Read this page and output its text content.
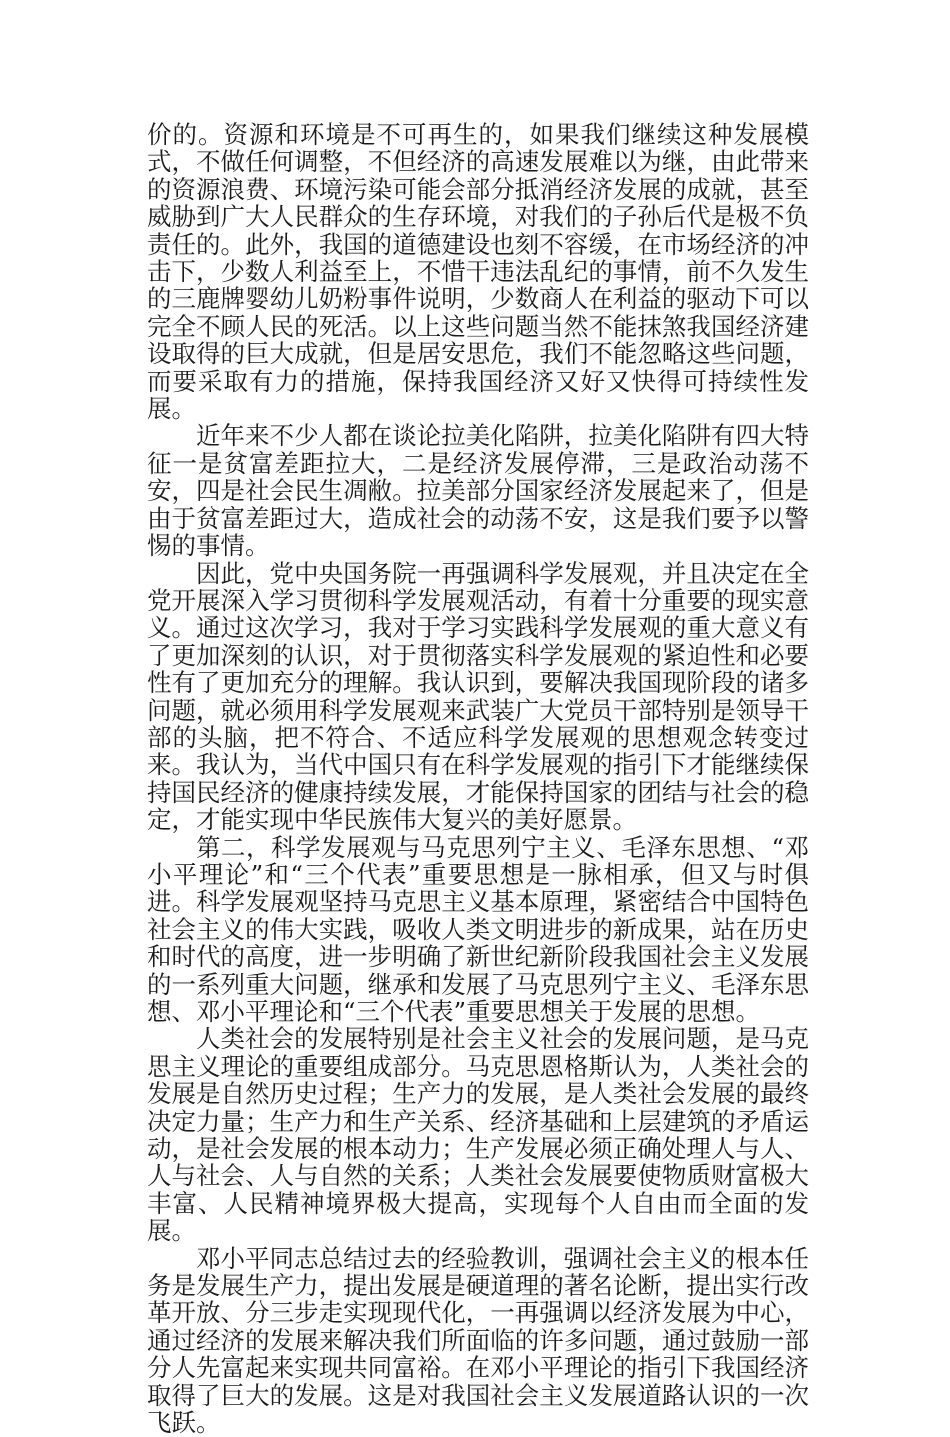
价的。资源和环境是不可再生的，如果我们继续这种发展模式，不做任何调整，不但经济的高速发展难以为继，由此带来的资源浪费、环境污染可能会部分抵消经济发展的成就，甚至威胁到广大人民群众的生存环境，对我们的子孙后代是极不负责任的。此外，我国的道德建设也刻不容缓，在市场经济的冲击下，少数人利益至上，不惜干违法乱纪的事情，前不久发生的三鹿牌婴幼儿奶粉事件说明，少数商人在利益的驱动下可以完全不顾人民的死活。以上这些问题当然不能抹煞我国经济建设取得的巨大成就，但是居安思危，我们不能忽略这些问题，而要采取有力的措施，保持我国经济又好又快得可持续性发展。

近年来不少人都在谈论拉美化陷阱，拉美化陷阱有四大特征一是贫富差距拉大，二是经济发展停滞，三是政治动荡不安，四是社会民生凋敝。拉美部分国家经济发展起来了，但是由于贫富差距过大，造成社会的动荡不安，这是我们要予以警惕的事情。

因此，党中央国务院一再强调科学发展观，并且决定在全党开展深入学习贯彻科学发展观活动，有着十分重要的现实意义。通过这次学习，我对于学习实践科学发展观的重大意义有了更加深刻的认识，对于贯彻落实科学发展观的紧迫性和必要性有了更加充分的理解。我认识到，要解决我国现阶段的诸多问题，就必须用科学发展观来武装广大党员干部特别是领导干部的头脑，把不符合、不适应科学发展观的思想观念转变过来。我认为，当代中国只有在科学发展观的指引下才能继续保持国民经济的健康持续发展，才能保持国家的团结与社会的稳定，才能实现中华民族伟大复兴的美好愿景。

第二，科学发展观与马克思列宁主义、毛泽东思想、“邓小平理论”和“三个代表”重要思想是一脉相承，但又与时俱进。科学发展观坚持马克思主义基本原理，紧密结合中国特色社会主义的伟大实践，吸收人类文明进步的新成果，站在历史和时代的高度，进一步明确了新世纪新阶段我国社会主义发展的一系列重大问题，继承和发展了马克思列宁主义、毛泽东思想、邓小平理论和“三个代表”重要思想关于发展的思想。

人类社会的发展特别是社会主义社会的发展问题，是马克思主义理论的重要组成部分。马克思恩格斯认为，人类社会的发展是自然历史过程；生产力的发展，是人类社会发展的最终决定力量；生产力和生产关系、经济基础和上层建筑的矛盾运动，是社会发展的根本动力；生产发展必须正确处理人与人、人与社会、人与自然的关系；人类社会发展要使物质财富极大丰富、人民精神境界极大提高，实现每个人自由而全面的发展。

邓小平同志总结过去的经验教训，强调社会主义的根本任务是发展生产力，提出发展是硬道理的著名论断，提出实行改革开放、分三步走实现现代化，一再强调以经济发展为中心，通过经济的发展来解决我们所面临的许多问题，通过鼓励一部分人先富起来实现共同富裕。在邓小平理论的指引下我国经济取得了巨大的发展。这是对我国社会主义发展道路认识的一次飞跃。
